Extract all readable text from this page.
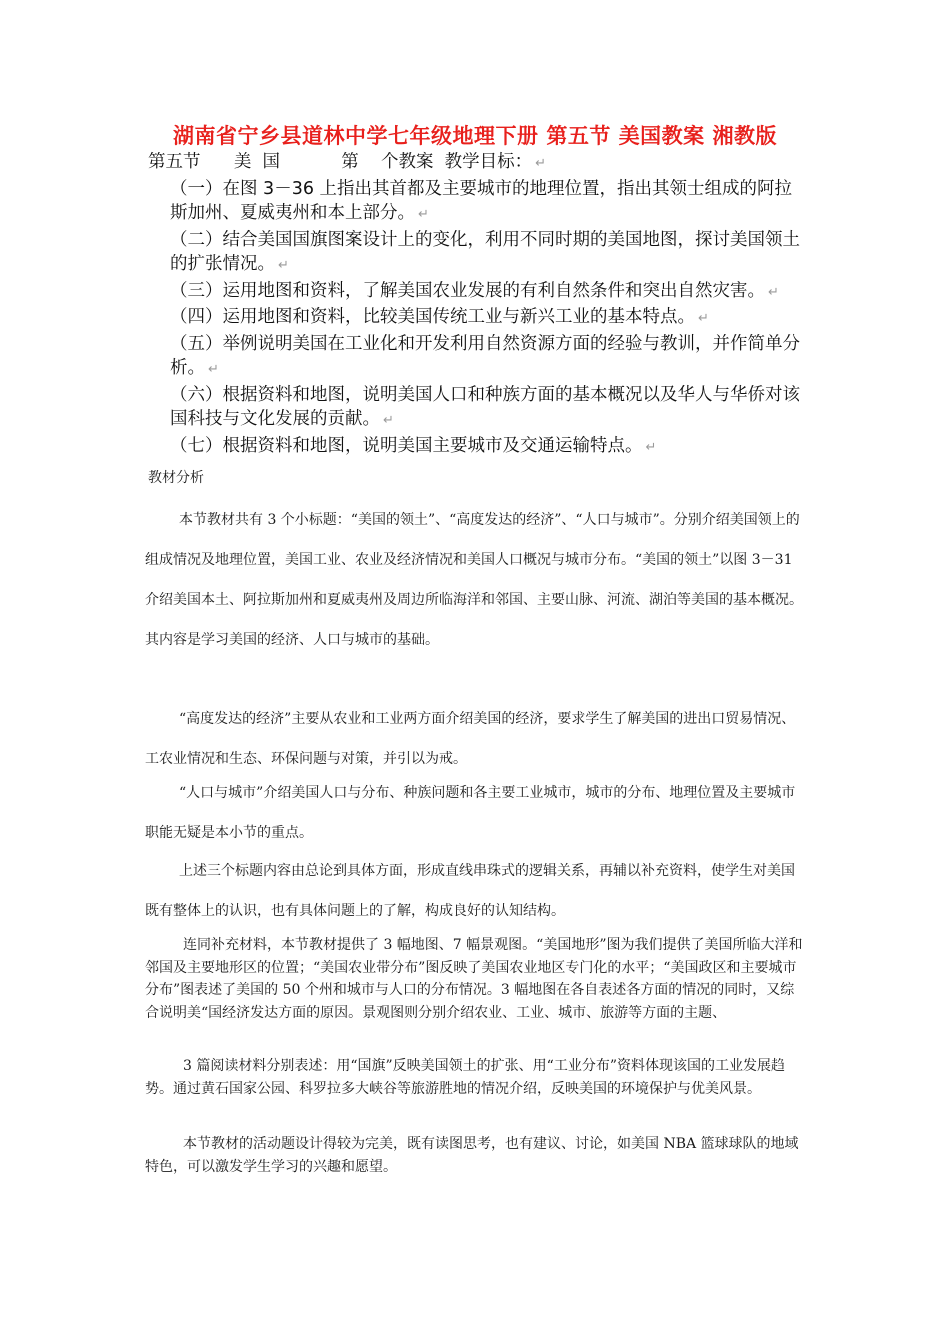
湖南省宁乡县道林中学七年级地理下册 第五节 美国教案 湘教版
第五节      美  国           第    个教案  教学目标： ↵
（一）在图 3－36 上指出其首都及主要城市的地理位置，指出其领士组成的阿拉斯加州、夏威夷州和本上部分。 ↵
（二）结合美国国旗图案设计上的变化，利用不同时期的美国地图，探讨美国领土的扩张情况。 ↵
（三）运用地图和资料，了解美国农业发展的有利自然条件和突出自然灾害。 ↵
（四）运用地图和资料，比较美国传统工业与新兴工业的基本特点。 ↵
（五）举例说明美国在工业化和开发利用自然资源方面的经验与教训，并作简单分析。 ↵
（六）根据资料和地图，说明美国人口和种族方面的基本概况以及华人与华侨对该国科技与文化发展的贡献。 ↵
（七）根据资料和地图，说明美国主要城市及交通运输特点。 ↵

教材分析

本节教材共有 3 个小标题：“美国的领土”、“高度发达的经济”、“人口与城市”。分别介绍美国领上的组成情况及地理位置，美国工业、农业及经济情况和美国人口概况与城市分布。“美国的领土”以图 3－31 介绍美国本土、阿拉斯加州和夏威夷州及周边所临海洋和邻国、主要山脉、河流、湖泊等美国的基本概况。其内容是学习美国的经济、人口与城市的基础。

“高度发达的经济”主要从农业和工业两方面介绍美国的经济，要求学生了解美国的进出口贸易情况、工农业情况和生态、环保问题与对策，并引以为戒。

“人口与城市”介绍美国人口与分布、种族问题和各主要工业城市，城市的分布、地理位置及主要城市职能无疑是本小节的重点。

上述三个标题内容由总论到具体方面，形成直线串珠式的逻辑关系，再辅以补充资料，使学生对美国既有整体上的认识，也有具体问题上的了解，构成良好的认知结构。

连同补充材料，本节教材提供了 3 幅地图、7 幅景观图。“美国地形”图为我们提供了美国所临大洋和邻国及主要地形区的位置；“美国农业带分布”图反映了美国农业地区专门化的水平；“美国政区和主要城市分布”图表述了美国的 50 个州和城市与人口的分布情况。3 幅地图在各自表述各方面的情况的同时，又综合说明美“国经济发达方面的原因。景观图则分别介绍农业、工业、城市、旅游等方面的主题、

3 篇阅读材料分别表述：用“国旗”反映美国领土的扩张、用“工业分布”资料体现该国的工业发展趋势。通过黄石国家公园、科罗拉多大峡谷等旅游胜地的情况介绍，反映美国的环境保护与优美风景。

本节教材的活动题设计得较为完美，既有读图思考，也有建议、讨论，如美国 NBA 篮球球队的地域特色，可以激发学生学习的兴趣和愿望。
